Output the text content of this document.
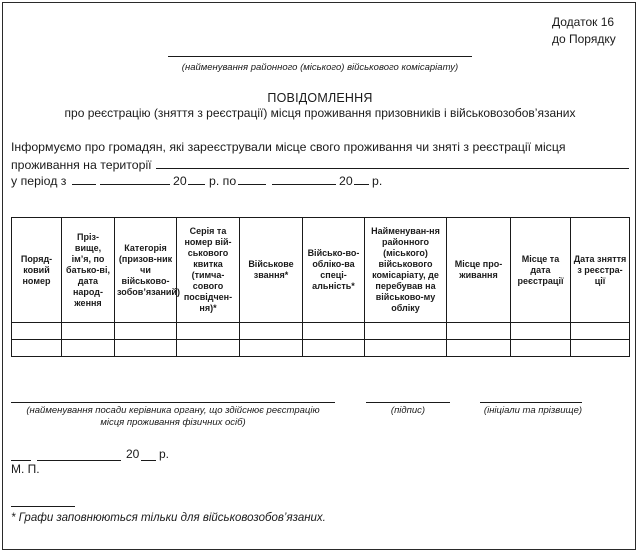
Додаток 16
до Порядку
(найменування районного (міського) військового комісаріату)
ПОВІДОМЛЕННЯ
про реєстрацію (зняття з реєстрації) місця проживання призовників і військовозобов’язаних
Інформуємо про громадян, які зареєстрували місце свого проживання чи зняті з реєстрації місця
проживання на території
у період з	20 р. по	20 р.
Поряд-ковий номер	Пріз-вище, ім’я, по батько-ві, дата народ-ження	Категорія (призов-ник чи військово-зобов’язаний)	Серія та номер вій-ськового квитка (тимча-сового посвідчен-ня)*	Військове звання*	Військо-во-обліко-ва спеці-альність*	Найменуван-ня районного (міського) військового комісаріату, де перебував на військово-му обліку	Місце про-живання	Місце та дата реєстрації	Дата зняття з реєстра-ції

(найменування посади керівника органу, що здійснює реєстрацію
місця проживання фізичних осіб)
(підпис)	(ініціали та прізвище)
20 р.
М. П.
* Графи заповнюються тільки для військовозобов’язаних.
